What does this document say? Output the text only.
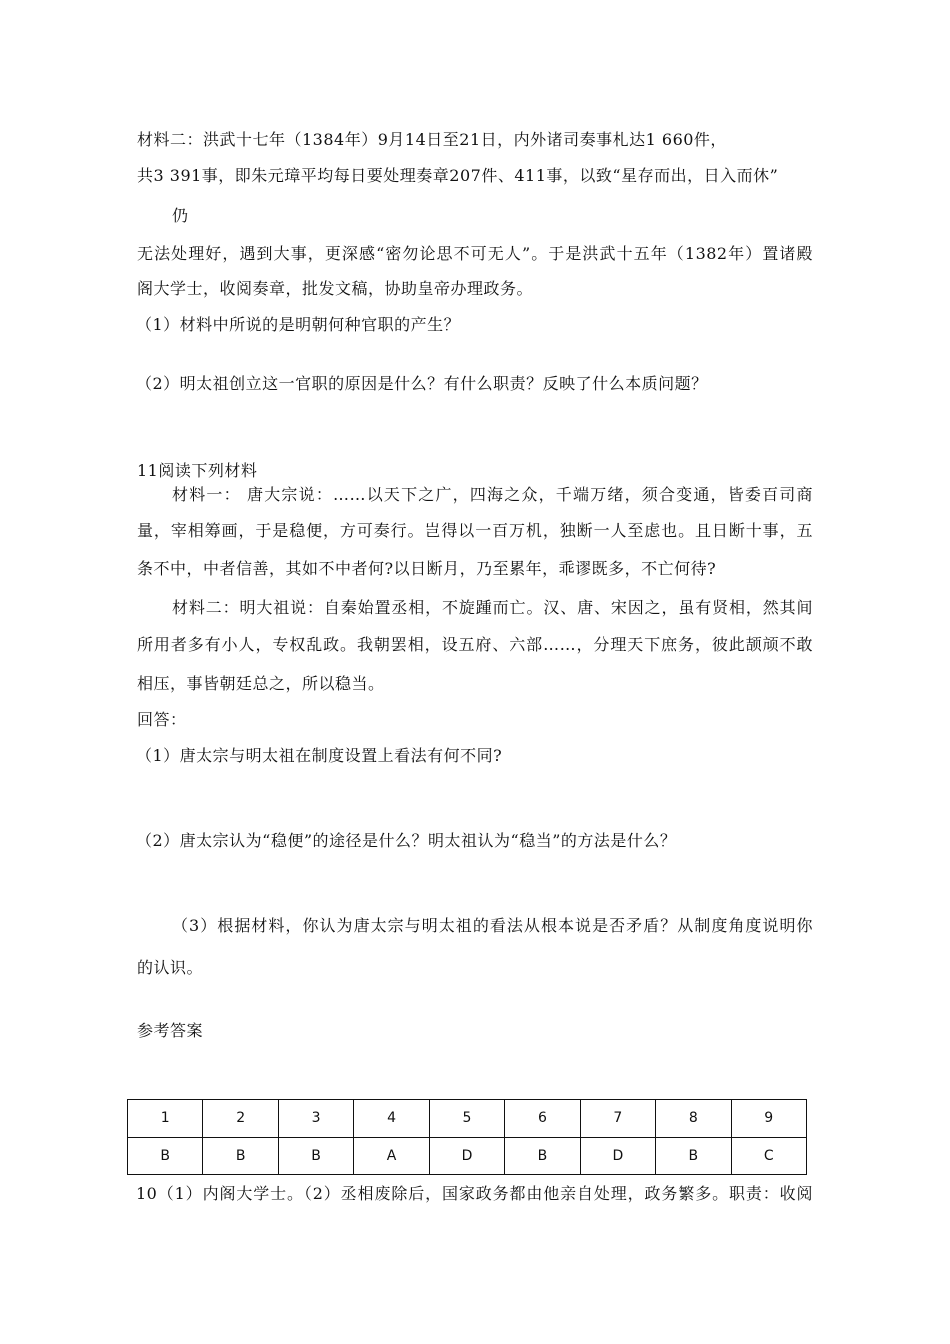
材料二：洪武十七年（1384年）9月14日至21日，内外诸司奏事札达1 660件，
共3 391事，即朱元璋平均每日要处理奏章207件、411事，以致“星存而出，日入而休”
仍
无法处理好，遇到大事，更深感“密勿论思不可无人”。于是洪武十五年（1382年）置诸殿
阁大学士，收阅奏章，批发文稿，协助皇帝办理政务。
（1）材料中所说的是明朝何种官职的产生？
（2）明太祖创立这一官职的原因是什么？有什么职责？反映了什么本质问题？
11阅读下列材料
材料一： 唐大宗说：……以天下之广，四海之众，千端万绪，须合变通，皆委百司商
量，宰相筹画，于是稳便，方可奏行。岂得以一百万机，独断一人至虑也。且日断十事，五
条不中，中者信善，其如不中者何?以日断月，乃至累年，乖谬既多，不亡何待?
材料二：明大祖说：自秦始置丞相，不旋踵而亡。汉、唐、宋因之，虽有贤相，然其间
所用者多有小人，专权乱政。我朝罢相，设五府、六部……，分理天下庶务，彼此颉颃不敢
相压，事皆朝廷总之，所以稳当。
回答：
（1）唐太宗与明太祖在制度设置上看法有何不同?
（2）唐太宗认为“稳便”的途径是什么？明太祖认为“稳当”的方法是什么？
（3）根据材料，你认为唐太宗与明太祖的看法从根本说是否矛盾？从制度角度说明你
的认识。
参考答案
1	2	3	4	5	6	7	8	9
B	B	B	A	D	B	D	B	C
10（1）内阁大学士。（2）丞相废除后，国家政务都由他亲自处理，政务繁多。职责：收阅
